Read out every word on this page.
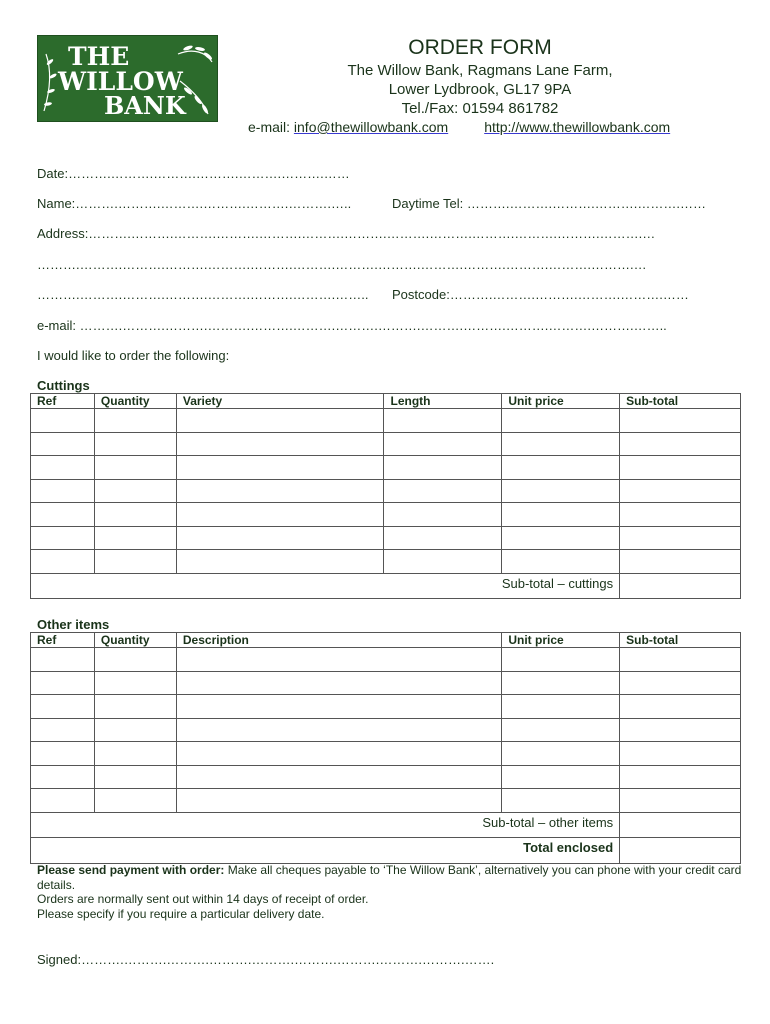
THE
WILLOW
BANK
ORDER FORM
The Willow Bank, Ragmans Lane Farm,
Lower Lydbrook, GL17 9PA
Tel./Fax: 01594 861782
e-mail: info@thewillowbank.com	http://www.thewillowbank.com
Date:……….……….……….……….……….……….……
Name:……….……….……….……….……….……….…..	Daytime Tel: ……….……….……….……….……….……
Address:……….……….……….……….……….……….……….……….……….……….……….……….……….…
……….……….……….……….……….……….……….……….……….……….……….……….……….……….…
……….……….……….……….……….……….……….…….. Postcode:……….……….……….……….……….……
e-mail: ……….……….……….……….……….……….……….……….……….……….……….……….……….……..
I would like to order the following:
Cuttings
Ref	Quantity	Variety	Length	Unit price	Sub-total

Sub-total – cuttings					
Other items
Ref	Quantity	Description	Unit price	Sub-total

Sub-total – other items				
Total enclosed				
Please send payment with order: Make all cheques payable to ‘The Willow Bank’, alternatively you can phone with your credit card details.
Orders are normally sent out within 14 days of receipt of order.
Please specify if you require a particular delivery date.
Signed:……….……….……….……….……….……….……….……….……….…….
